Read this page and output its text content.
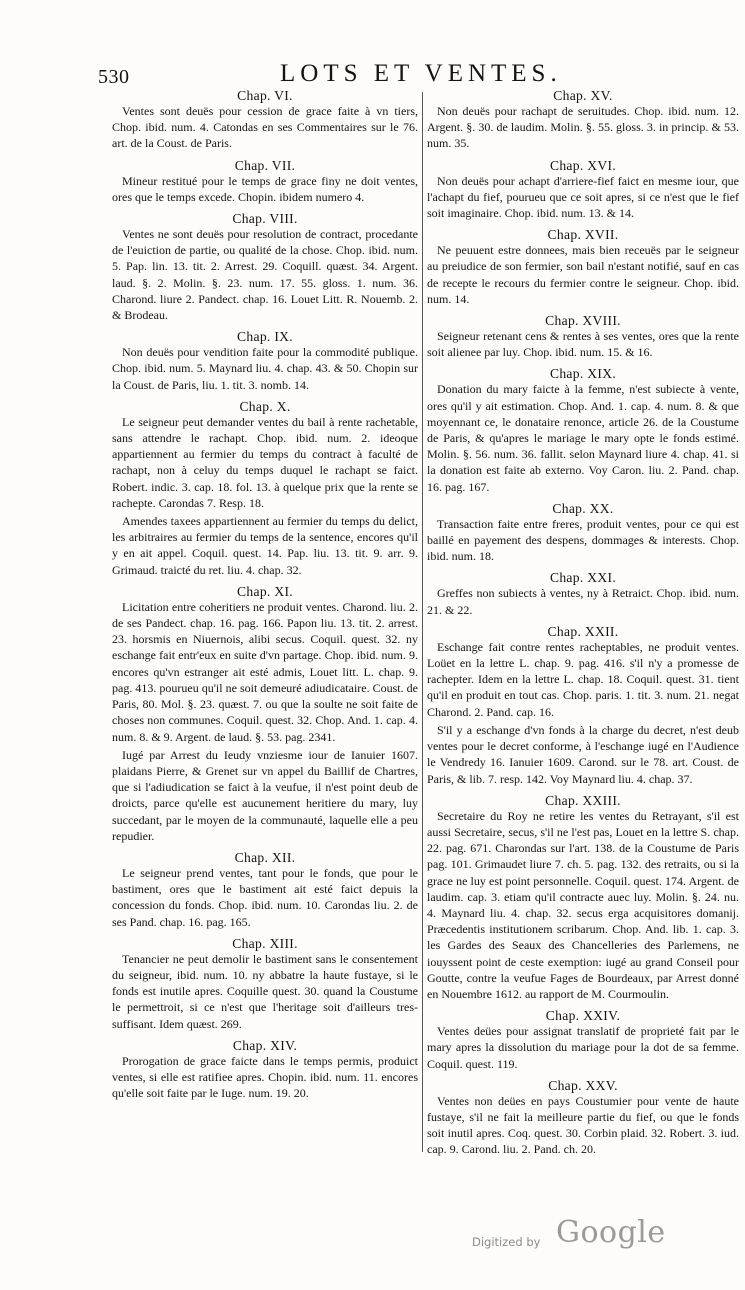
530	LOTS ET VENTES.
Chap. VI.

Ventes sont deuës pour cession de grace faite à vn tiers, Chop. ibid. num. 4. Catondas en ses Commentaires sur le 76. art. de la Coust. de Paris.

Chap. VII.

Mineur restitué pour le temps de grace finy ne doit ventes, ores que le temps excede. Chopin. ibidem numero 4.

Chap. VIII.

Ventes ne sont deuës pour resolution de contract, procedante de l'euiction de partie, ou qualité de la chose. Chop. ibid. num. 5. Pap. lin. 13. tit. 2. Arrest. 29. Coquill. quæst. 34. Argent. laud. §. 2. Molin. §. 23. num. 17. 55. gloss. 1. num. 36. Charond. liure 2. Pandect. chap. 16. Louet Litt. R. Nouemb. 2. & Brodeau.

Chap. IX.

Non deuës pour vendition faite pour la commodité publique. Chop. ibid. num. 5. Maynard liu. 4. chap. 43. & 50. Chopin sur la Coust. de Paris, liu. 1. tit. 3. nomb. 14.

Chap. X.

Le seigneur peut demander ventes du bail à rente rachetable, sans attendre le rachapt. Chop. ibid. num. 2. ideoque appartiennent au fermier du temps du contract à faculté de rachapt, non à celuy du temps duquel le rachapt se faict. Robert. indic. 3. cap. 18. fol. 13. à quelque prix que la rente se rachepte. Carondas 7. Resp. 18.

Amendes taxees appartiennent au fermier du temps du delict, les arbitraires au fermier du temps de la sentence, encores qu'il y en ait appel. Coquil. quest. 14. Pap. liu. 13. tit. 9. arr. 9. Grimaud. traicté du ret. liu. 4. chap. 32.

Chap. XI.

Licitation entre coheritiers ne produit ventes. Charond. liu. 2. de ses Pandect. chap. 16. pag. 166. Papon liu. 13. tit. 2. arrest. 23. horsmis en Niuernois, alibi secus. Coquil. quest. 32. ny eschange fait entr'eux en suite d'vn partage. Chop. ibid. num. 9. encores qu'vn estranger ait esté admis, Louet litt. L. chap. 9. pag. 413. pourueu qu'il ne soit demeuré adiudicataire. Coust. de Paris, 80. Mol. §. 23. quæst. 7. ou que la soulte ne soit faite de choses non communes. Coquil. quest. 32. Chop. And. 1. cap. 4. num. 8. & 9. Argent. de laud. §. 53. pag. 2341.

Iugé par Arrest du Ieudy vnziesme iour de Ianuier 1607. plaidans Pierre, & Grenet sur vn appel du Baillif de Chartres, que si l'adiudication se faict à la veufue, il n'est point deub de droicts, parce qu'elle est aucunement heritiere du mary, luy succedant, par le moyen de la communauté, laquelle elle a peu repudier.

Chap. XII.

Le seigneur prend ventes, tant pour le fonds, que pour le bastiment, ores que le bastiment ait esté faict depuis la concession du fonds. Chop. ibid. num. 10. Carondas liu. 2. de ses Pand. chap. 16. pag. 165.

Chap. XIII.

Tenancier ne peut demolir le bastiment sans le consentement du seigneur, ibid. num. 10. ny abbatre la haute fustaye, si le fonds est inutile apres. Coquille quest. 30. quand la Coustume le permettroit, si ce n'est que l'heritage soit d'ailleurs tres-suffisant. Idem quæst. 269.

Chap. XIV.

Prorogation de grace faicte dans le temps permis, produict ventes, si elle est ratifiee apres. Chopin. ibid. num. 11. encores qu'elle soit faite par le Iuge. num. 19. 20.

Chap. XV.

Non deuës pour rachapt de seruitudes. Chop. ibid. num. 12. Argent. §. 30. de laudim. Molin. §. 55. gloss. 3. in princip. & 53. num. 35.

Chap. XVI.

Non deuës pour achapt d'arriere-fief faict en mesme iour, que l'achapt du fief, pourueu que ce soit apres, si ce n'est que le fief soit imaginaire. Chop. ibid. num. 13. & 14.

Chap. XVII.

Ne peuuent estre donnees, mais bien receuës par le seigneur au preiudice de son fermier, son bail n'estant notifié, sauf en cas de recepte le recours du fermier contre le seigneur. Chop. ibid. num. 14.

Chap. XVIII.

Seigneur retenant cens & rentes à ses ventes, ores que la rente soit alienee par luy. Chop. ibid. num. 15. & 16.

Chap. XIX.

Donation du mary faicte à la femme, n'est subiecte à vente, ores qu'il y ait estimation. Chop. And. 1. cap. 4. num. 8. & que moyennant ce, le donataire renonce, article 26. de la Coustume de Paris, & qu'apres le mariage le mary opte le fonds estimé. Molin. §. 56. num. 36. fallit. selon Maynard liure 4. chap. 41. si la donation est faite ab externo. Voy Caron. liu. 2. Pand. chap. 16. pag. 167.

Chap. XX.

Transaction faite entre freres, produit ventes, pour ce qui est baillé en payement des despens, dommages & interests. Chop. ibid. num. 18.

Chap. XXI.

Greffes non subiects à ventes, ny à Retraict. Chop. ibid. num. 21. & 22.

Chap. XXII.

Eschange fait contre rentes racheptables, ne produit ventes. Loüet en la lettre L. chap. 9. pag. 416. s'il n'y a promesse de rachepter. Idem en la lettre L. chap. 18. Coquil. quest. 31. tient qu'il en produit en tout cas. Chop. paris. 1. tit. 3. num. 21. negat Charond. 2. Pand. cap. 16.

S'il y a eschange d'vn fonds à la charge du decret, n'est deub ventes pour le decret conforme, à l'eschange iugé en l'Audience le Vendredy 16. Ianuier 1609. Carond. sur le 78. art. Coust. de Paris, & lib. 7. resp. 142. Voy Maynard liu. 4. chap. 37.

Chap. XXIII.

Secretaire du Roy ne retire les ventes du Retrayant, s'il est aussi Secretaire, secus, s'il ne l'est pas, Louet en la lettre S. chap. 22. pag. 671. Charondas sur l'art. 138. de la Coustume de Paris pag. 101. Grimaudet liure 7. ch. 5. pag. 132. des retraits, ou si la grace ne luy est point personnelle. Coquil. quest. 174. Argent. de laudim. cap. 3. etiam qu'il contracte auec luy. Molin. §. 24. nu. 4. Maynard liu. 4. chap. 32. secus erga acquisitores domanij. Præcedentis institutionem scribarum. Chop. And. lib. 1. cap. 3. les Gardes des Seaux des Chancelleries des Parlemens, ne iouyssent point de ceste exemption: iugé au grand Conseil pour Goutte, contre la veufue Fages de Bourdeaux, par Arrest donné en Nouembre 1612. au rapport de M. Courmoulin.

Chap. XXIV.

Ventes deües pour assignat translatif de proprieté fait par le mary apres la dissolution du mariage pour la dot de sa femme. Coquil. quest. 119.

Chap. XXV.

Ventes non deües en pays Coustumier pour vente de haute fustaye, s'il ne fait la meilleure partie du fief, ou que le fonds soit inutil apres. Coq. quest. 30. Corbin plaid. 32. Robert. 3. iud. cap. 9. Carond. liu. 2. Pand. ch. 20.

Digitized by Google
